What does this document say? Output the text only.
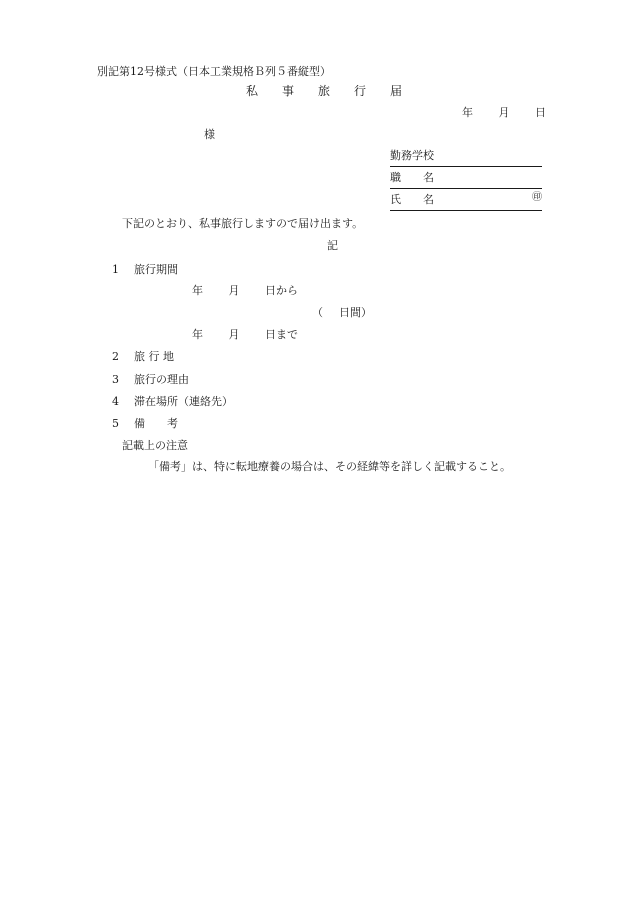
別記第12号様式（日本工業規格Ｂ列５番縦型）
私　　事　　旅　　行　　届
年 月 日
様
勤務学校
職　　名
氏　　名	㊞
下記のとおり、私事旅行しますので届け出ます。
記
1 旅行期間
年 月 日から
（ 日間）
年 月 日まで
2 旅 行 地
3 旅行の理由
4 滞在場所（連絡先）
5 備　　考
記載上の注意
「備考」は、特に転地療養の場合は、その経緯等を詳しく記載すること。
